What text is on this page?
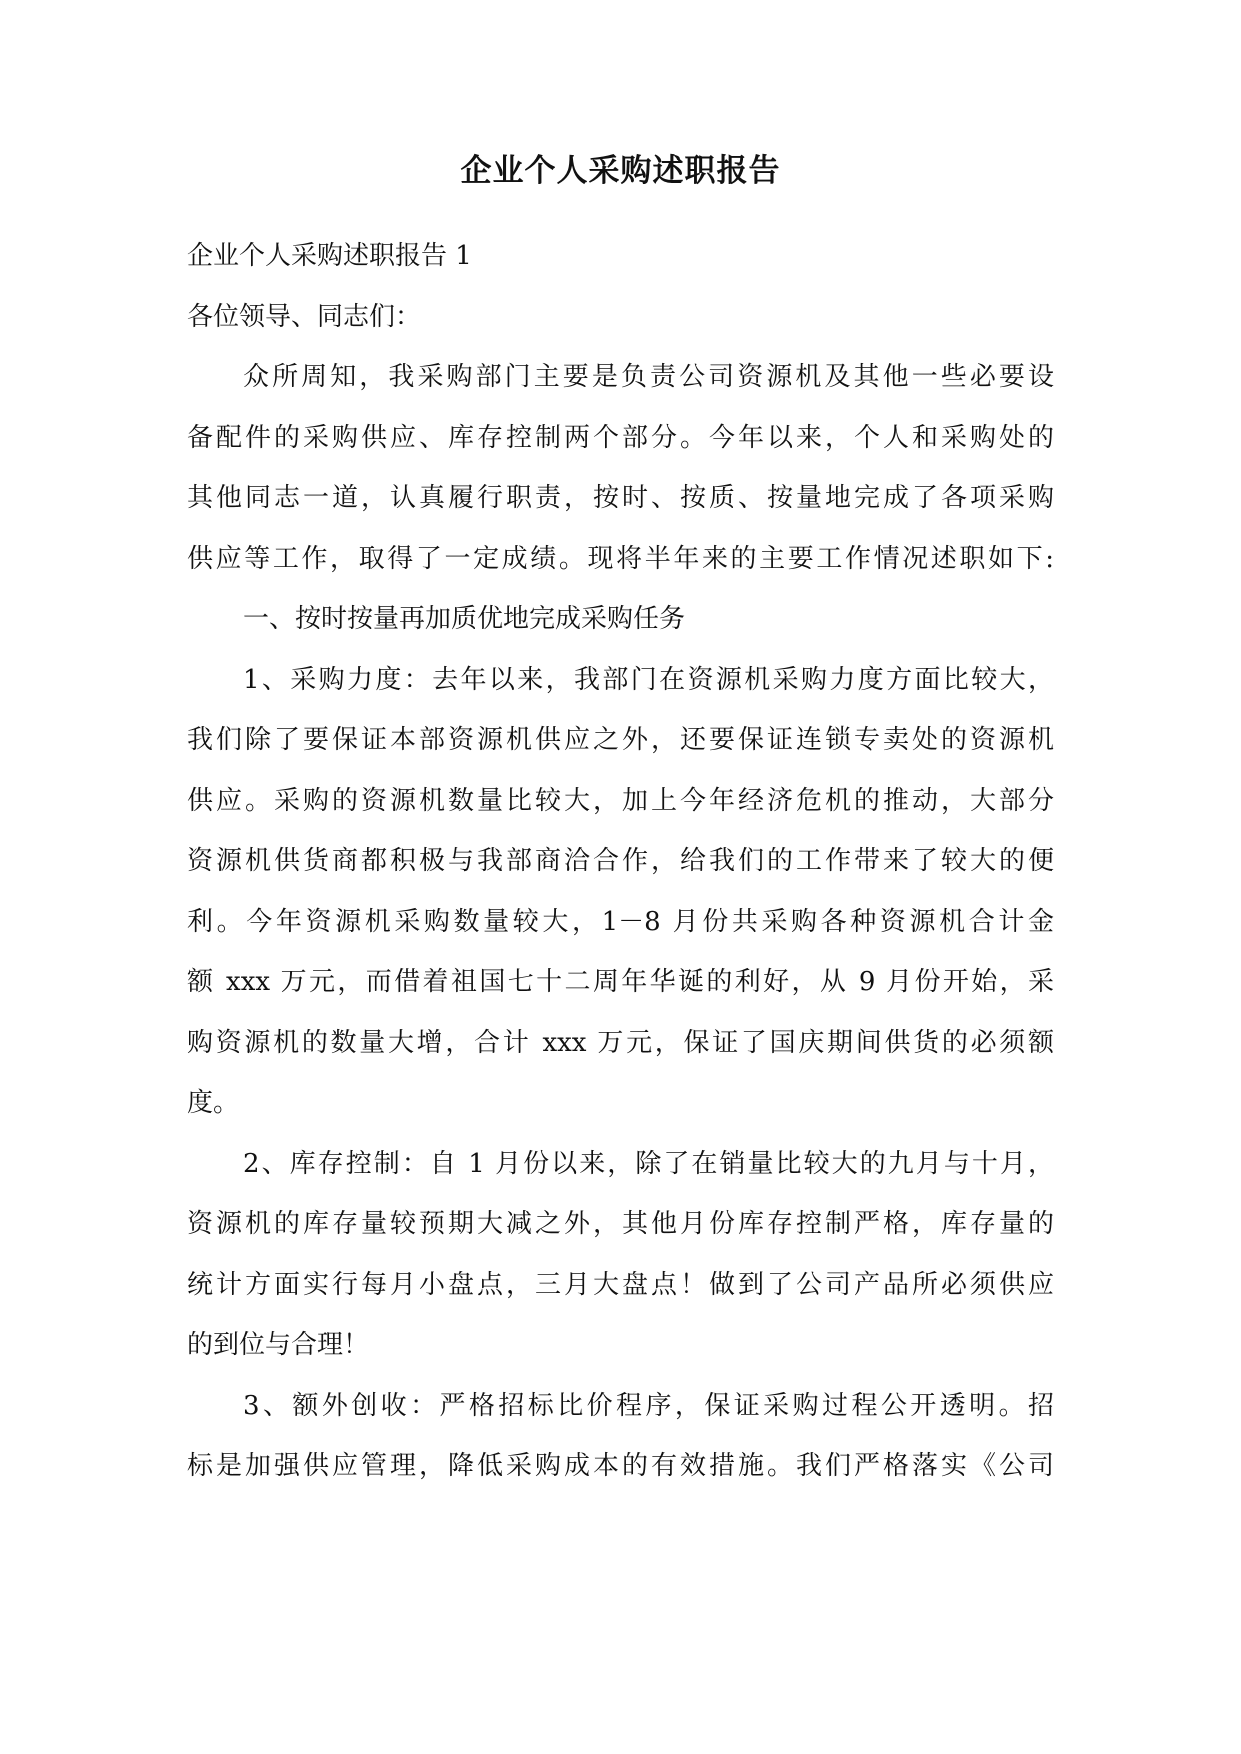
企业个人采购述职报告
企业个人采购述职报告 1
各位领导、同志们：
众所周知，我采购部门主要是负责公司资源机及其他一些必要设
备配件的采购供应、库存控制两个部分。今年以来，个人和采购处的
其他同志一道，认真履行职责，按时、按质、按量地完成了各项采购
供应等工作，取得了一定成绩。现将半年来的主要工作情况述职如下:
一、按时按量再加质优地完成采购任务
1、采购力度：去年以来，我部门在资源机采购力度方面比较大，
我们除了要保证本部资源机供应之外，还要保证连锁专卖处的资源机
供应。采购的资源机数量比较大，加上今年经济危机的推动，大部分
资源机供货商都积极与我部商洽合作，给我们的工作带来了较大的便
利。今年资源机采购数量较大，1－8 月份共采购各种资源机合计金
额 xxx 万元，而借着祖国七十二周年华诞的利好，从 9 月份开始，采
购资源机的数量大增，合计 xxx 万元，保证了国庆期间供货的必须额
度。
2、库存控制：自 1 月份以来，除了在销量比较大的九月与十月，
资源机的库存量较预期大减之外，其他月份库存控制严格，库存量的
统计方面实行每月小盘点，三月大盘点！做到了公司产品所必须供应
的到位与合理！
3、额外创收：严格招标比价程序，保证采购过程公开透明。招
标是加强供应管理，降低采购成本的有效措施。我们严格落实《公司
